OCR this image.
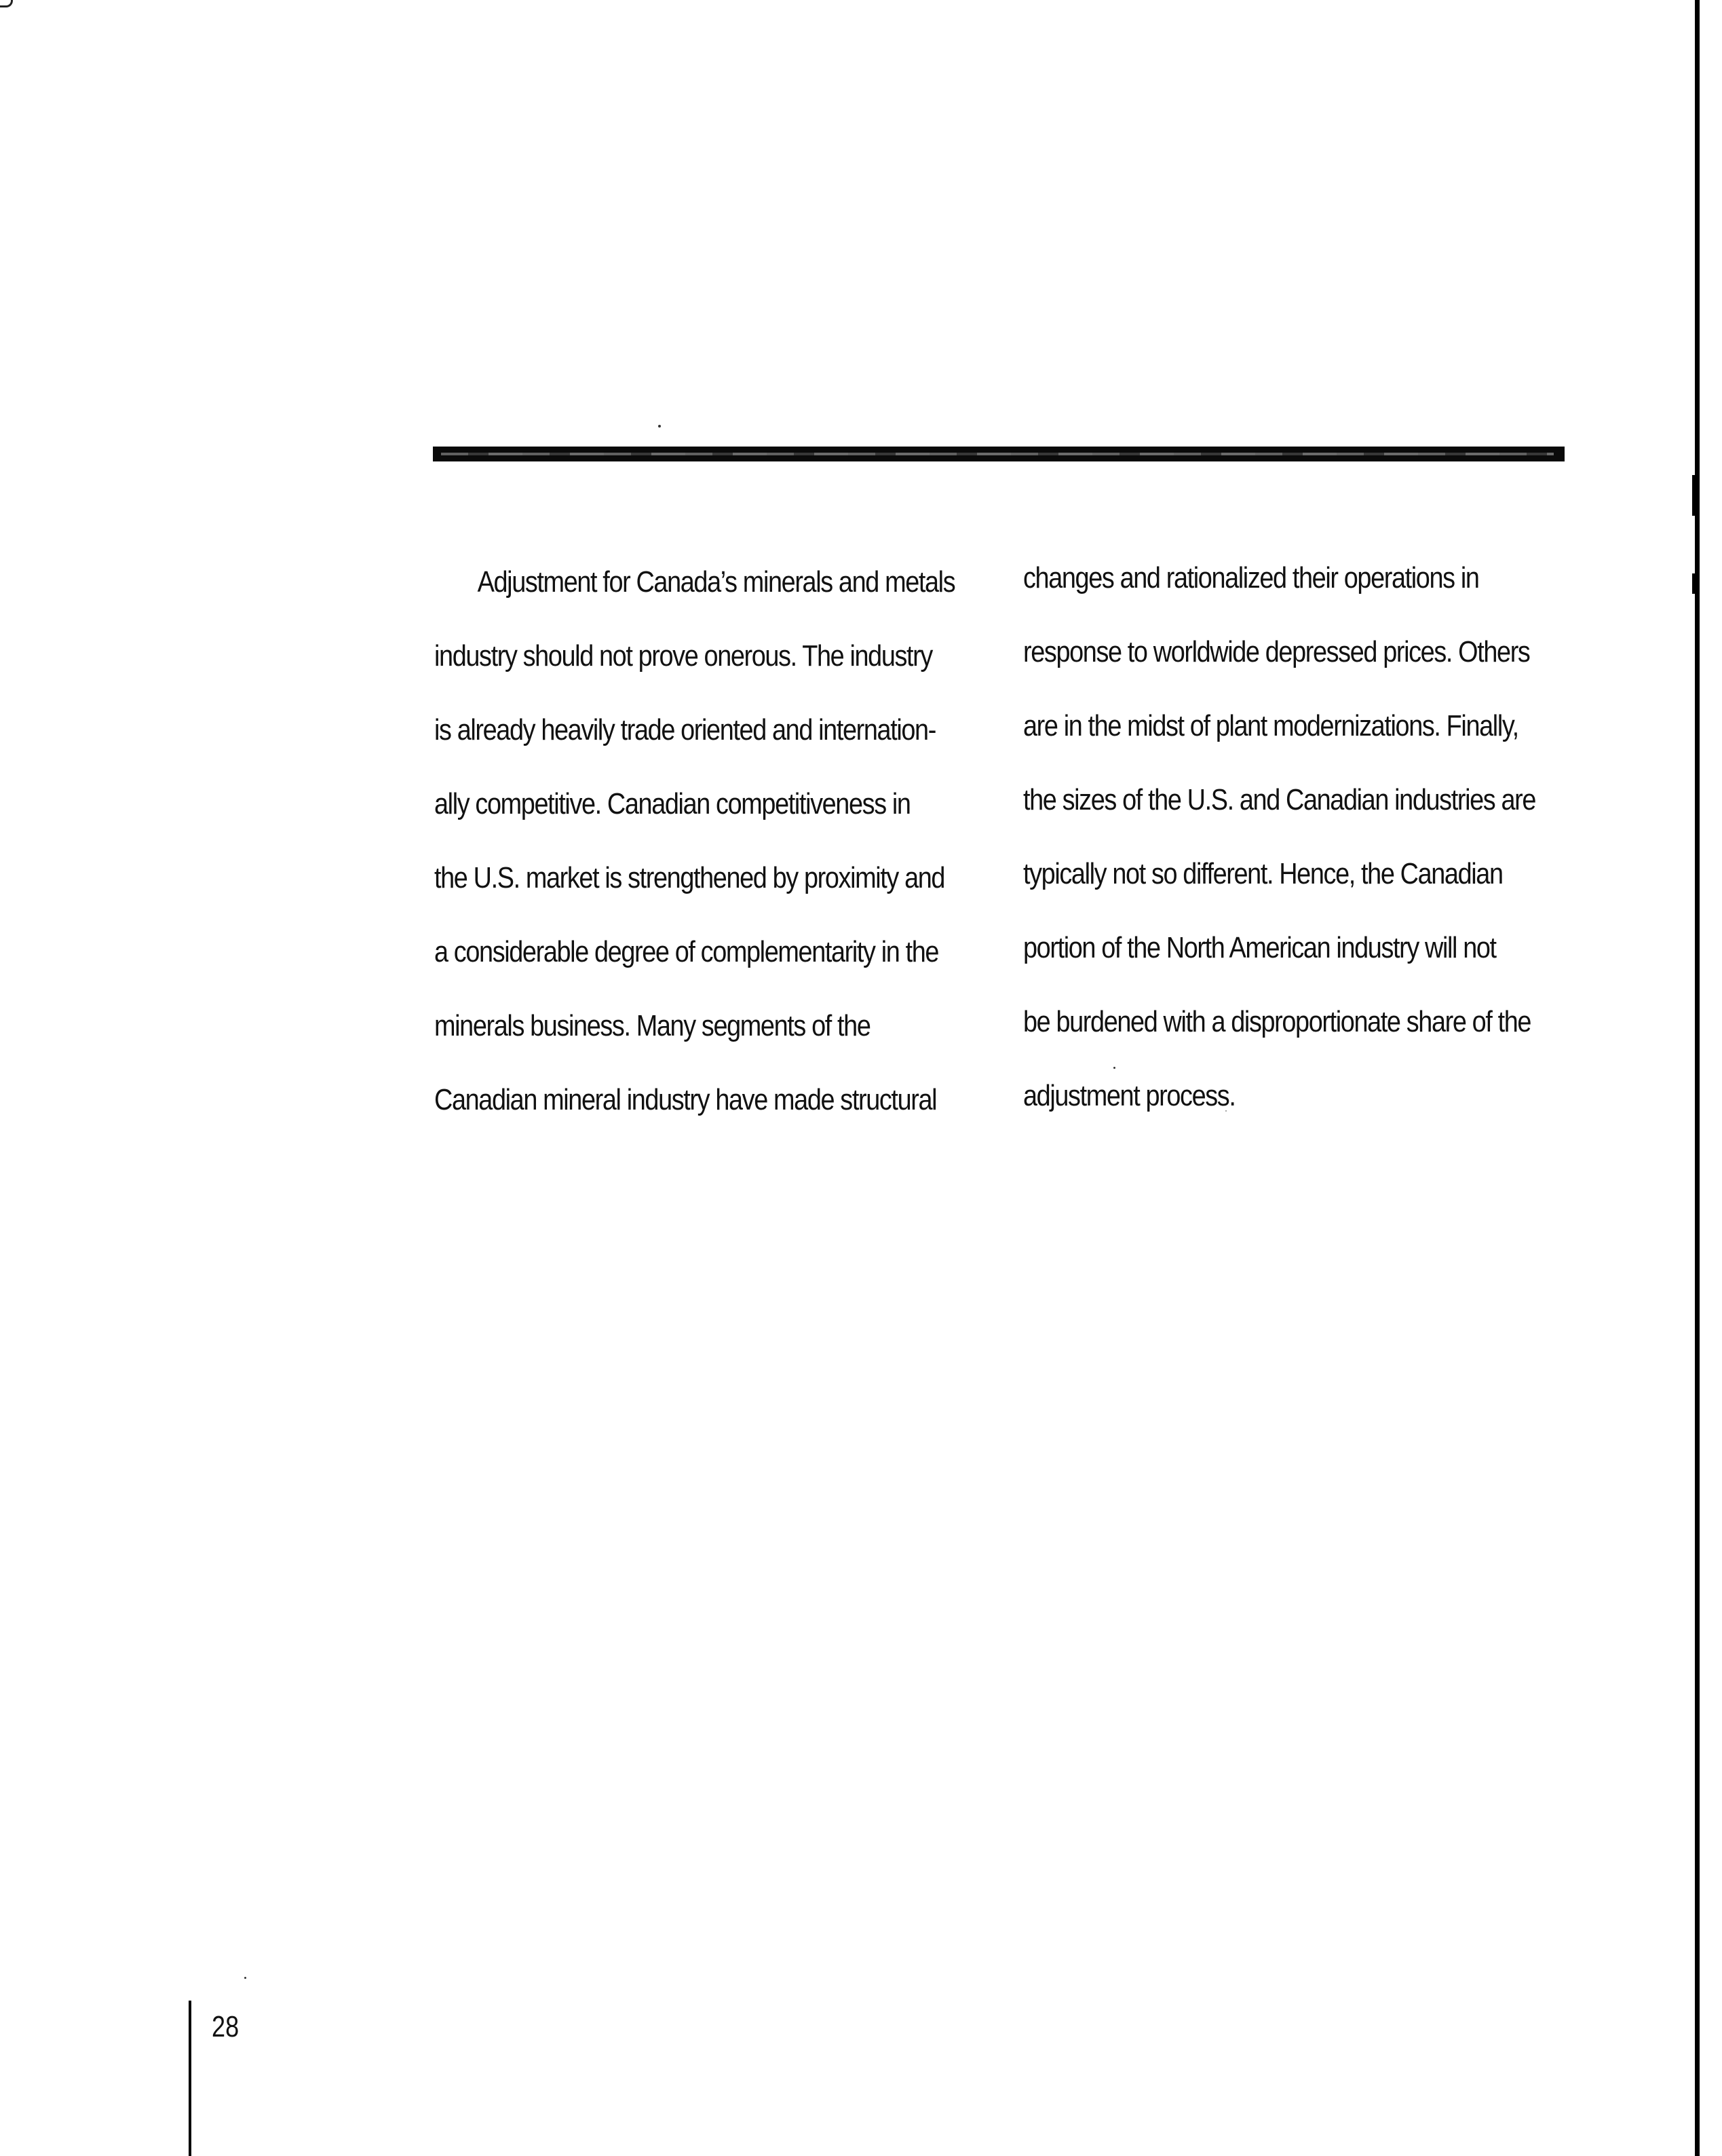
Adjustment for Canada’s minerals and metals

industry should not prove onerous. The industry

is already heavily trade oriented and internation-

ally competitive. Canadian competitiveness in

the U.S. market is strengthened by proximity and

a considerable degree of complementarity in the

minerals business. Many segments of the

Canadian mineral industry have made structural

changes and rationalized their operations in

response to worldwide depressed prices. Others

are in the midst of plant modernizations. Finally,

the sizes of the U.S. and Canadian industries are

typically not so different. Hence, the Canadian

portion of the North American industry will not

be burdened with a disproportionate share of the

adjustment process.

28
